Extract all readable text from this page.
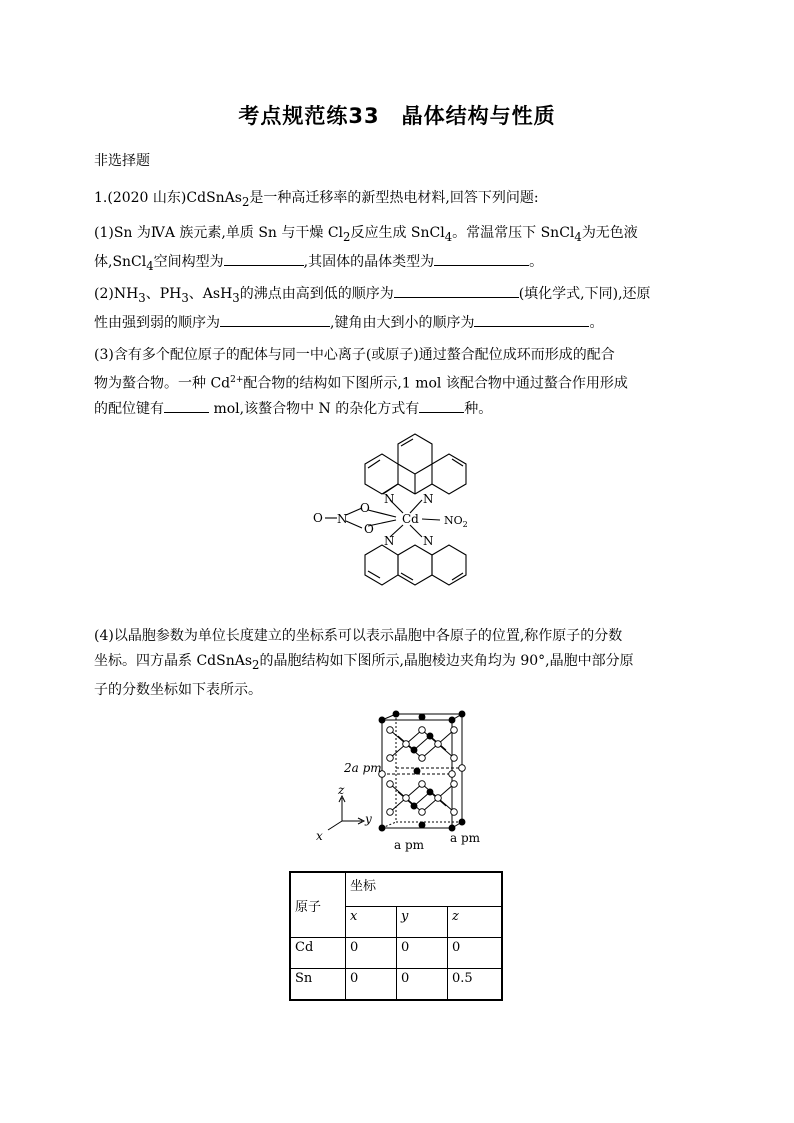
考点规范练33　晶体结构与性质
非选择题
1.(2020 山东)CdSnAs$_2$是一种高迁移率的新型热电材料,回答下列问题:
(1)Sn 为ⅣA 族元素,单质 Sn 与干燥 $Cl_2$反应生成 SnCl$_4$。常温常压下 SnCl$_4$为无色液
体,SnCl$_4$空间构型为	,其固体的晶体类型为	。
$(2)NH_3$、$PH_3$、AsH$_3$的沸点由高到低的顺序为	(填化学式,下同),还原
性由强到弱的顺序为	,键角由大到小的顺序为	。
(3)含有多个配位原子的配体与同一中心离子(或原子)通过螯合配位成环而形成的配合
物为螯合物。一种 $Cd^{2+}$配合物的结构如下图所示,1 mol 该配合物中通过螯合作用形成
的配位键有	mol,该螯合物中 N 的杂化方式有	种。
N N
N N
Cd
O N
O
O
$NO_2$
(4)以晶胞参数为单位长度建立的坐标系可以表示晶胞中各原子的位置,称作原子的分数
坐标。四方晶系 CdSnAs$_2$的晶胞结构如下图所示,晶胞棱边夹角均为 90°,晶胞中部分原
子的分数坐标如下表所示。
2a pm
a pm a pm
z
y
x
原子	坐标		
	x	y	z
Cd	0	0	0
Sn	0	0	0.5
